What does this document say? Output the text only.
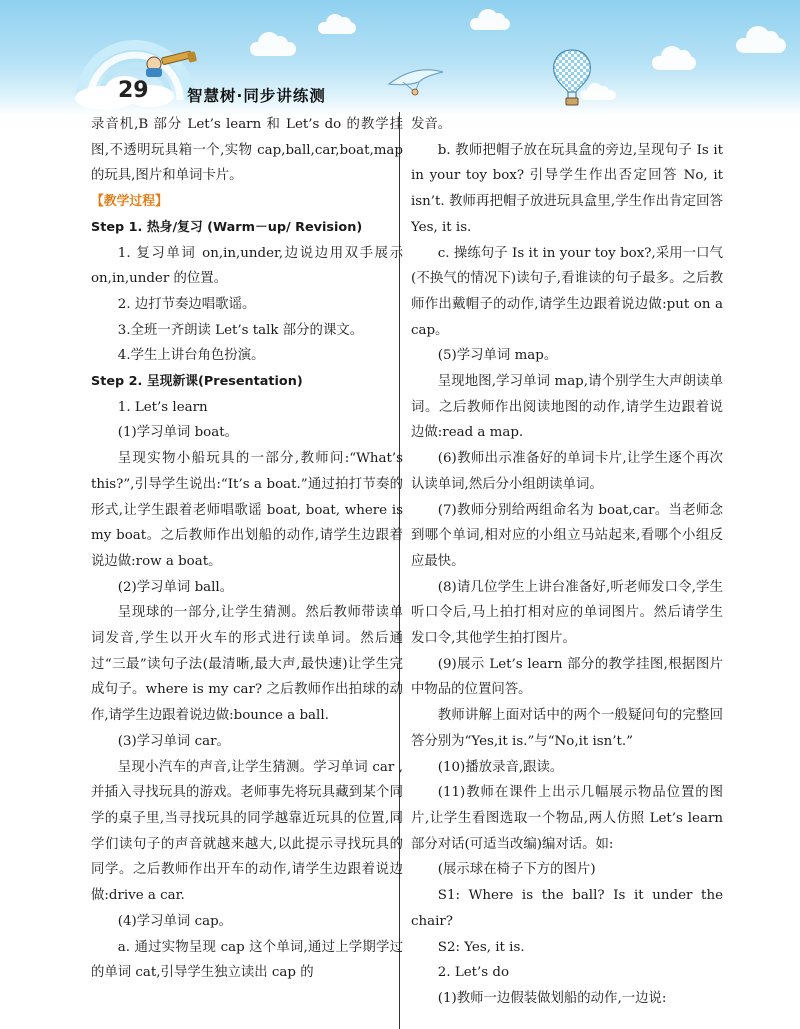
29	智慧树·同步讲练测

录音机,B 部分 Let’s learn 和 Let’s do 的教学挂图,不透明玩具箱一个,实物 cap,ball,car,boat,map 的玩具,图片和单词卡片。

【教学过程】

Step 1. 热身/复习 (Warm－up/ Revision)

1. 复习单词 on,in,under,边说边用双手展示 on,in,under 的位置。

2. 边打节奏边唱歌谣。

3.全班一齐朗读 Let’s talk 部分的课文。

4.学生上讲台角色扮演。

Step 2. 呈现新课(Presentation)

1. Let’s learn

(1)学习单词 boat。

呈现实物小船玩具的一部分,教师问:“What’s this?”,引导学生说出:“It’s a boat.”通过拍打节奏的形式,让学生跟着老师唱歌谣 boat, boat, where is my boat。之后教师作出划船的动作,请学生边跟着说边做:row a boat。

(2)学习单词 ball。

呈现球的一部分,让学生猜测。然后教师带读单词发音,学生以开火车的形式进行读单词。然后通过“三最”读句子法(最清晰,最大声,最快速)让学生完成句子。where is my car? 之后教师作出拍球的动作,请学生边跟着说边做:bounce a ball.

(3)学习单词 car。

呈现小汽车的声音,让学生猜测。学习单词 car ,并插入寻找玩具的游戏。老师事先将玩具藏到某个同学的桌子里,当寻找玩具的同学越靠近玩具的位置,同学们读句子的声音就越来越大,以此提示寻找玩具的同学。之后教师作出开车的动作,请学生边跟着说边做:drive a car.

(4)学习单词 cap。

a. 通过实物呈现 cap 这个单词,通过上学期学过的单词 cat,引导学生独立读出 cap 的

发音。

b. 教师把帽子放在玩具盒的旁边,呈现句子 Is it in your toy box? 引导学生作出否定回答 No, it isn’t. 教师再把帽子放进玩具盒里,学生作出肯定回答 Yes, it is.

c. 操练句子 Is it in your toy box?,采用一口气(不换气的情况下)读句子,看谁读的句子最多。之后教师作出戴帽子的动作,请学生边跟着说边做:put on a cap。

(5)学习单词 map。

呈现地图,学习单词 map,请个别学生大声朗读单词。之后教师作出阅读地图的动作,请学生边跟着说边做:read a map.

(6)教师出示准备好的单词卡片,让学生逐个再次认读单词,然后分小组朗读单词。

(7)教师分别给两组命名为 boat,car。当老师念到哪个单词,相对应的小组立马站起来,看哪个小组反应最快。

(8)请几位学生上讲台准备好,听老师发口令,学生听口令后,马上拍打相对应的单词图片。然后请学生发口令,其他学生拍打图片。

(9)展示 Let’s learn 部分的教学挂图,根据图片中物品的位置问答。

教师讲解上面对话中的两个一般疑问句的完整回答分别为“Yes,it is.”与“No,it isn’t.”

(10)播放录音,跟读。

(11)教师在课件上出示几幅展示物品位置的图片,让学生看图选取一个物品,两人仿照 Let’s learn 部分对话(可适当改编)编对话。如:

(展示球在椅子下方的图片)

S1: Where is the ball? Is it under the chair?

S2: Yes, it is.

2. Let’s do

(1)教师一边假装做划船的动作,一边说:
